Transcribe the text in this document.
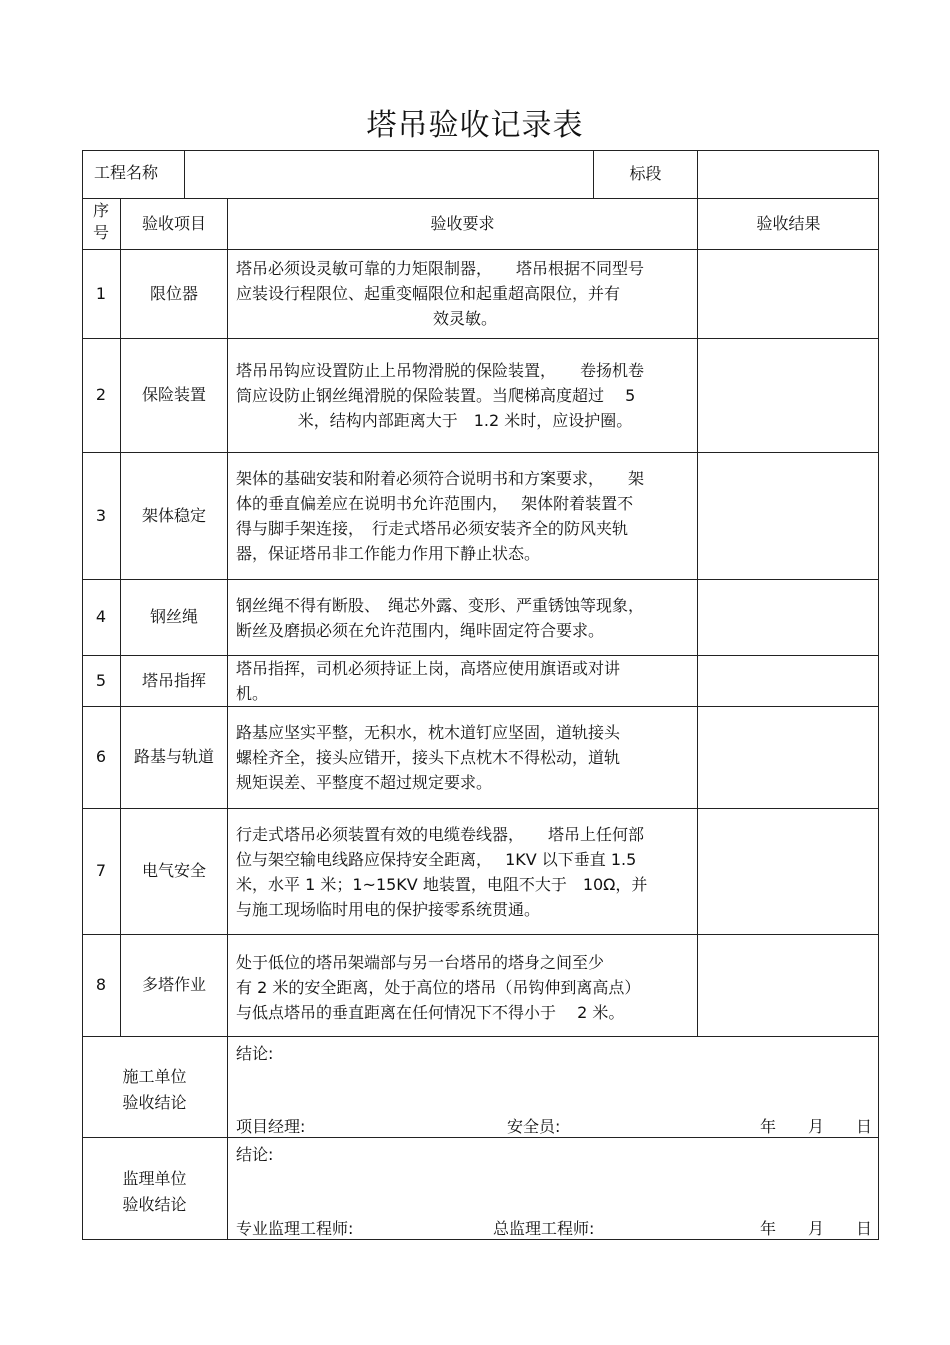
塔吊验收记录表
工程名称	标段
序号	验收项目	验收要求	验收结果
1	限位器
塔吊必须设灵敏可靠的力矩限制器，　　塔吊根据不同型号
应装设行程限位、起重变幅限位和起重超高限位，并有
效灵敏。
2	保险装置
塔吊吊钩应设置防止上吊物滑脱的保险装置，　　卷扬机卷
筒应设防止钢丝绳滑脱的保险装置。当爬梯高度超过　 5
米，结构内部距离大于　1.2 米时，应设护圈。
3	架体稳定
架体的基础安装和附着必须符合说明书和方案要求，　　架
体的垂直偏差应在说明书允许范围内，　 架体附着装置不
得与脚手架连接，　行走式塔吊必须安装齐全的防风夹轨
器，保证塔吊非工作能力作用下静止状态。
4	钢丝绳
钢丝绳不得有断股、　绳芯外露、变形、严重锈蚀等现象，
断丝及磨损必须在允许范围内，绳咔固定符合要求。
5	塔吊指挥
塔吊指挥，司机必须持证上岗，高塔应使用旗语或对讲
机。
6	路基与轨道
路基应坚实平整，无积水，枕木道钉应坚固，道轨接头
螺栓齐全，接头应错开，接头下点枕木不得松动，道轨
规矩误差、平整度不超过规定要求。
7	电气安全
行走式塔吊必须装置有效的电缆卷线器，　　塔吊上任何部
位与架空输电线路应保持安全距离，　 1KV 以下垂直 1.5
米，水平 1 米；1~15KV 地装置，电阻不大于　10Ω，并
与施工现场临时用电的保护接零系统贯通。
8	多塔作业
处于低位的塔吊架端部与另一台塔吊的塔身之间至少
有 2 米的安全距离，处于高位的塔吊（吊钩伸到离高点）
与低点塔吊的垂直距离在任何情况下不得小于　 2 米。
施工单位
验收结论
结论:
项目经理:	安全员:	年 月 日
监理单位
验收结论
结论:
专业监理工程师:	总监理工程师:	年 月 日
